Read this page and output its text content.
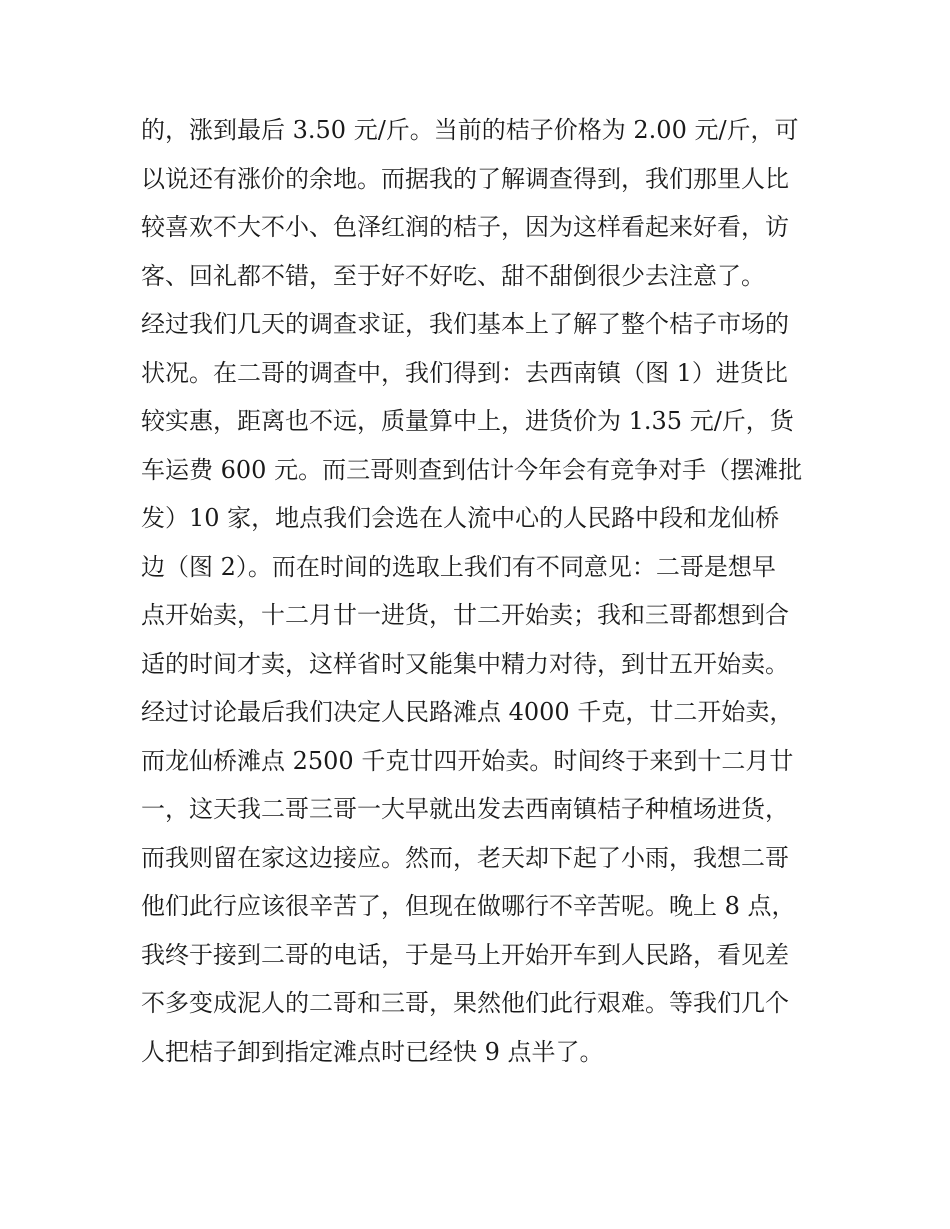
的，涨到最后 3.50 元/斤。当前的桔子价格为 2.00 元/斤，可
以说还有涨价的余地。而据我的了解调查得到，我们那里人比
较喜欢不大不小、色泽红润的桔子，因为这样看起来好看，访
客、回礼都不错，至于好不好吃、甜不甜倒很少去注意了。
经过我们几天的调查求证，我们基本上了解了整个桔子市场的
状况。在二哥的调查中，我们得到：去西南镇（图 1）进货比
较实惠，距离也不远，质量算中上，进货价为 1.35 元/斤，货
车运费 600 元。而三哥则查到估计今年会有竞争对手（摆滩批
发）10 家，地点我们会选在人流中心的人民路中段和龙仙桥
边（图 2）。而在时间的选取上我们有不同意见：二哥是想早
点开始卖，十二月廿一进货，廿二开始卖；我和三哥都想到合
适的时间才卖，这样省时又能集中精力对待，到廿五开始卖。
经过讨论最后我们决定人民路滩点 4000 千克，廿二开始卖，
而龙仙桥滩点 2500 千克廿四开始卖。时间终于来到十二月廿
一，这天我二哥三哥一大早就出发去西南镇桔子种植场进货，
而我则留在家这边接应。然而，老天却下起了小雨，我想二哥
他们此行应该很辛苦了，但现在做哪行不辛苦呢。晚上 8 点，
我终于接到二哥的电话，于是马上开始开车到人民路，看见差
不多变成泥人的二哥和三哥，果然他们此行艰难。等我们几个
人把桔子卸到指定滩点时已经快 9 点半了。
